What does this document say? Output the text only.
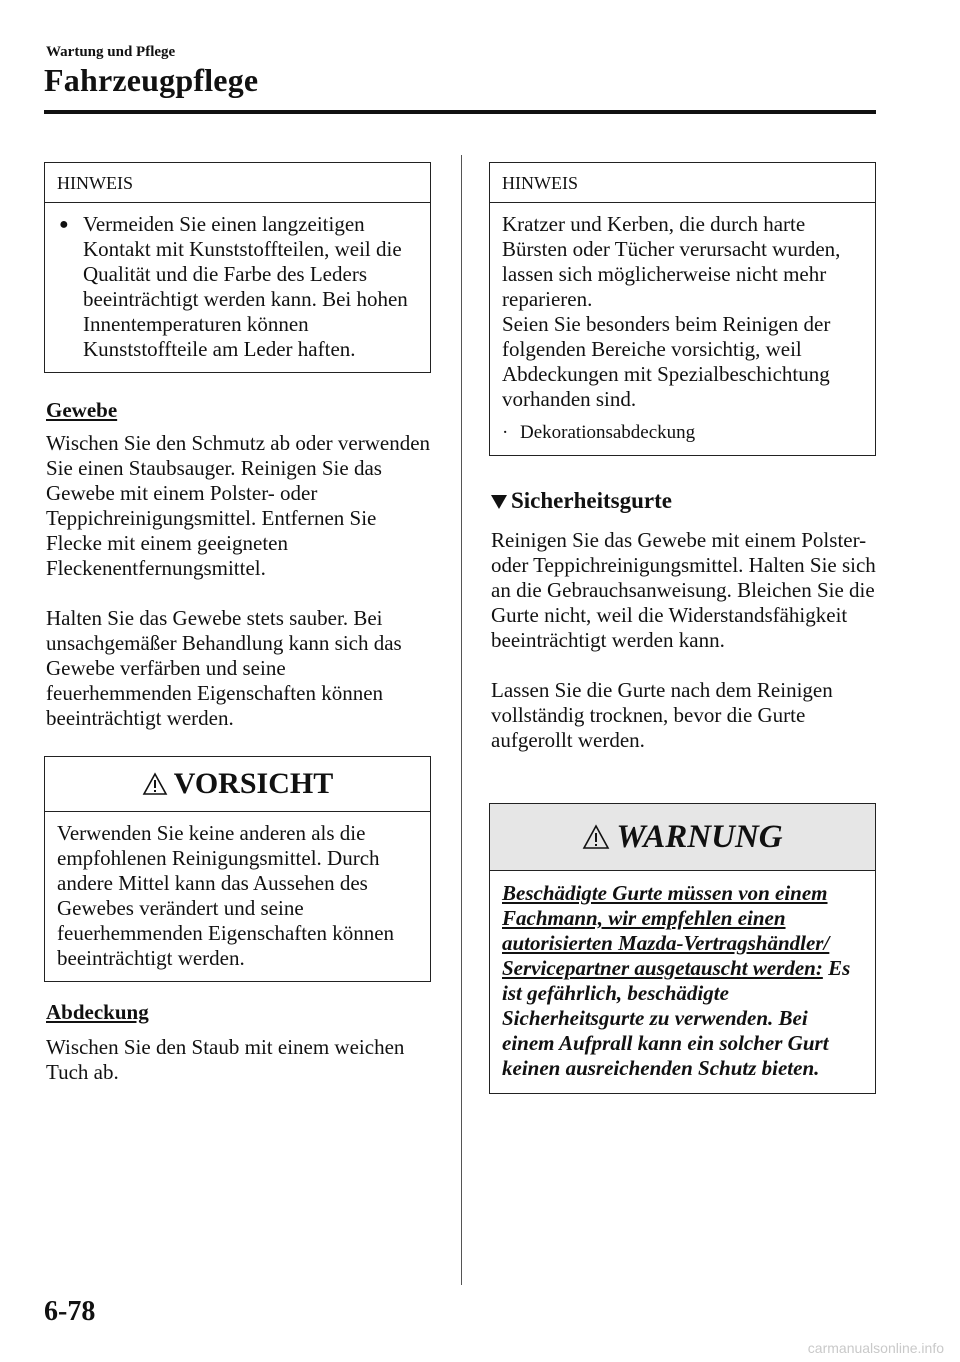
Wartung und Pflege
Fahrzeugpflege
HINWEIS
● Vermeiden Sie einen langzeitigen Kontakt mit Kunststoffteilen, weil die Qualität und die Farbe des Leders beeinträchtigt werden kann. Bei hohen Innentemperaturen können Kunststoffteile am Leder haften.
Gewebe
Wischen Sie den Schmutz ab oder verwenden Sie einen Staubsauger. Reinigen Sie das Gewebe mit einem Polster- oder Teppichreinigungsmittel. Entfernen Sie Flecke mit einem geeigneten Fleckenentfernungsmittel.
Halten Sie das Gewebe stets sauber. Bei unsachgemäßer Behandlung kann sich das Gewebe verfärben und seine feuerhemmenden Eigenschaften können beeinträchtigt werden.
VORSICHT
Verwenden Sie keine anderen als die empfohlenen Reinigungsmittel. Durch andere Mittel kann das Aussehen des Gewebes verändert und seine feuerhemmenden Eigenschaften können beeinträchtigt werden.
Abdeckung
Wischen Sie den Staub mit einem weichen Tuch ab.
HINWEIS
Kratzer und Kerben, die durch harte Bürsten oder Tücher verursacht wurden, lassen sich möglicherweise nicht mehr reparieren.
Seien Sie besonders beim Reinigen der folgenden Bereiche vorsichtig, weil Abdeckungen mit Spezialbeschichtung vorhanden sind.
· Dekorationsabdeckung
Sicherheitsgurte
Reinigen Sie das Gewebe mit einem Polster- oder Teppichreinigungsmittel. Halten Sie sich an die Gebrauchsanweisung. Bleichen Sie die Gurte nicht, weil die Widerstandsfähigkeit beeinträchtigt werden kann.
Lassen Sie die Gurte nach dem Reinigen vollständig trocknen, bevor die Gurte aufgerollt werden.
WARNUNG
Beschädigte Gurte müssen von einem Fachmann, wir empfehlen einen autorisierten Mazda-Vertragshändler/ Servicepartner ausgetauscht werden: Es ist gefährlich, beschädigte Sicherheitsgurte zu verwenden. Bei einem Aufprall kann ein solcher Gurt keinen ausreichenden Schutz bieten.
6-78
carmanualsonline.info
